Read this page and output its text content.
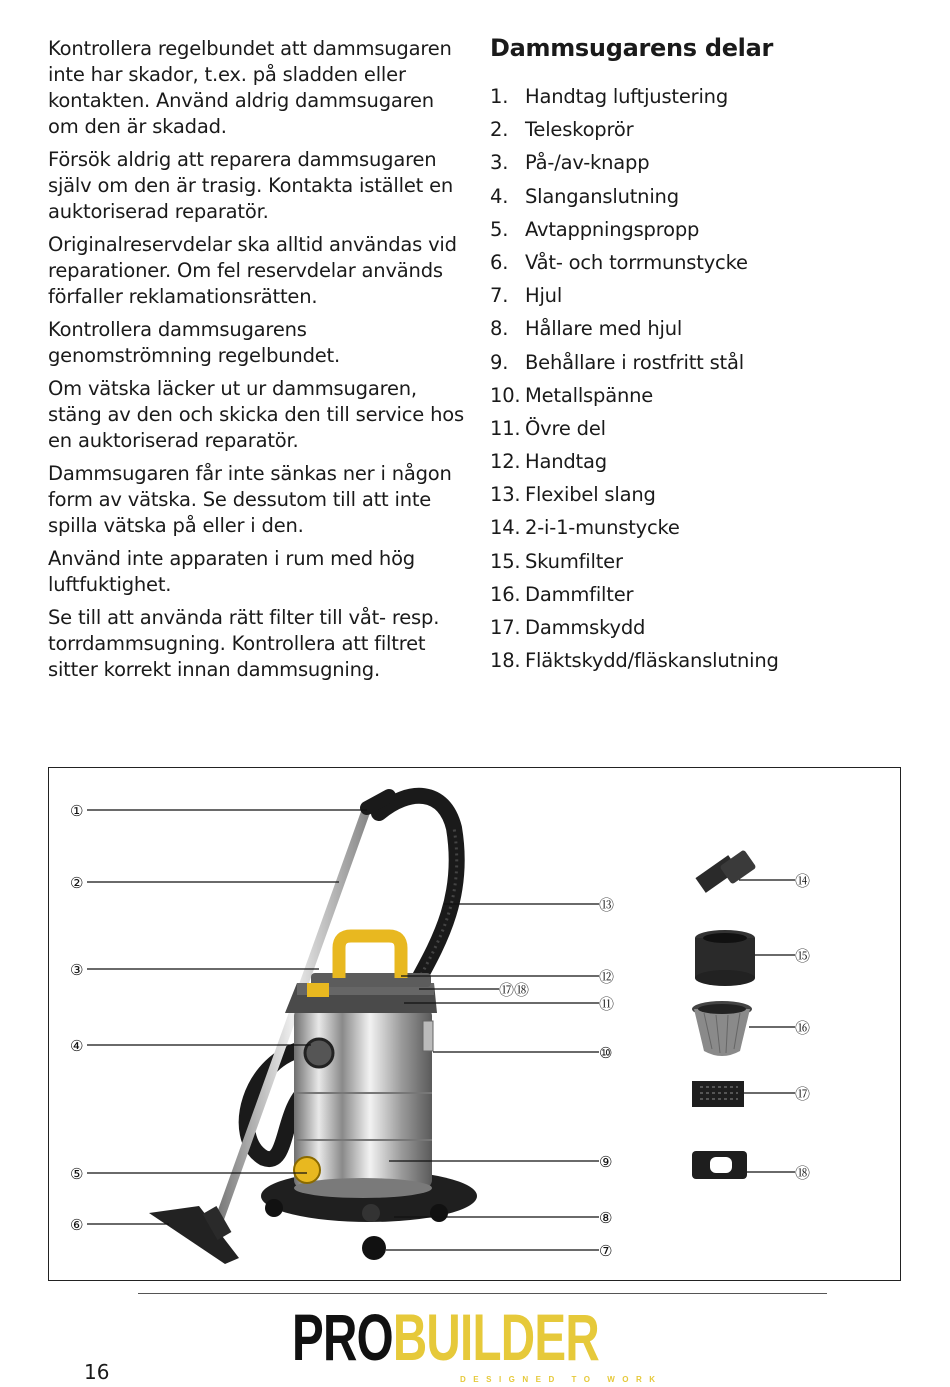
Kontrollera regelbundet att dammsugaren inte har skador, t.ex. på sladden eller kontakten. Använd aldrig dammsugaren om den är skadad.

Försök aldrig att reparera dammsugaren själv om den är trasig. Kontakta istället en auktoriserad reparatör.

Originalreservdelar ska alltid användas vid reparationer. Om fel reservdelar används förfaller reklamationsrätten.

Kontrollera dammsugarens genomströmning regelbundet.

Om vätska läcker ut ur dammsugaren, stäng av den och skicka den till service hos en auktoriserad reparatör.

Dammsugaren får inte sänkas ner i någon form av vätska. Se dessutom till att inte spilla vätska på eller i den.

Använd inte apparaten i rum med hög luftfuktighet.

Se till att använda rätt filter till våt- resp. torrdammsugning. Kontrollera att filtret sitter korrekt innan dammsugning.

Dammsugarens delar
1. Handtag luftjustering
2. Teleskoprör
3. På-/av-knapp
4. Slanganslutning
5. Avtappningspropp
6. Våt- och torrmunstycke
7. Hjul
8. Hållare med hjul
9. Behållare i rostfritt stål
10. Metallspänne
11. Övre del
12. Handtag
13. Flexibel slang
14. 2-i-1-munstycke
15. Skumfilter
16. Dammfilter
17. Dammskydd
18. Fläktskydd/fläskanslutning
①
②
③
④
⑤
⑥
⑬
⑫
⑰⑱
⑪
⑩
⑨
⑧
⑦
⑭
⑮
⑯
⑰
⑱
PROBUILDER
DESIGNED TO WORK
16
